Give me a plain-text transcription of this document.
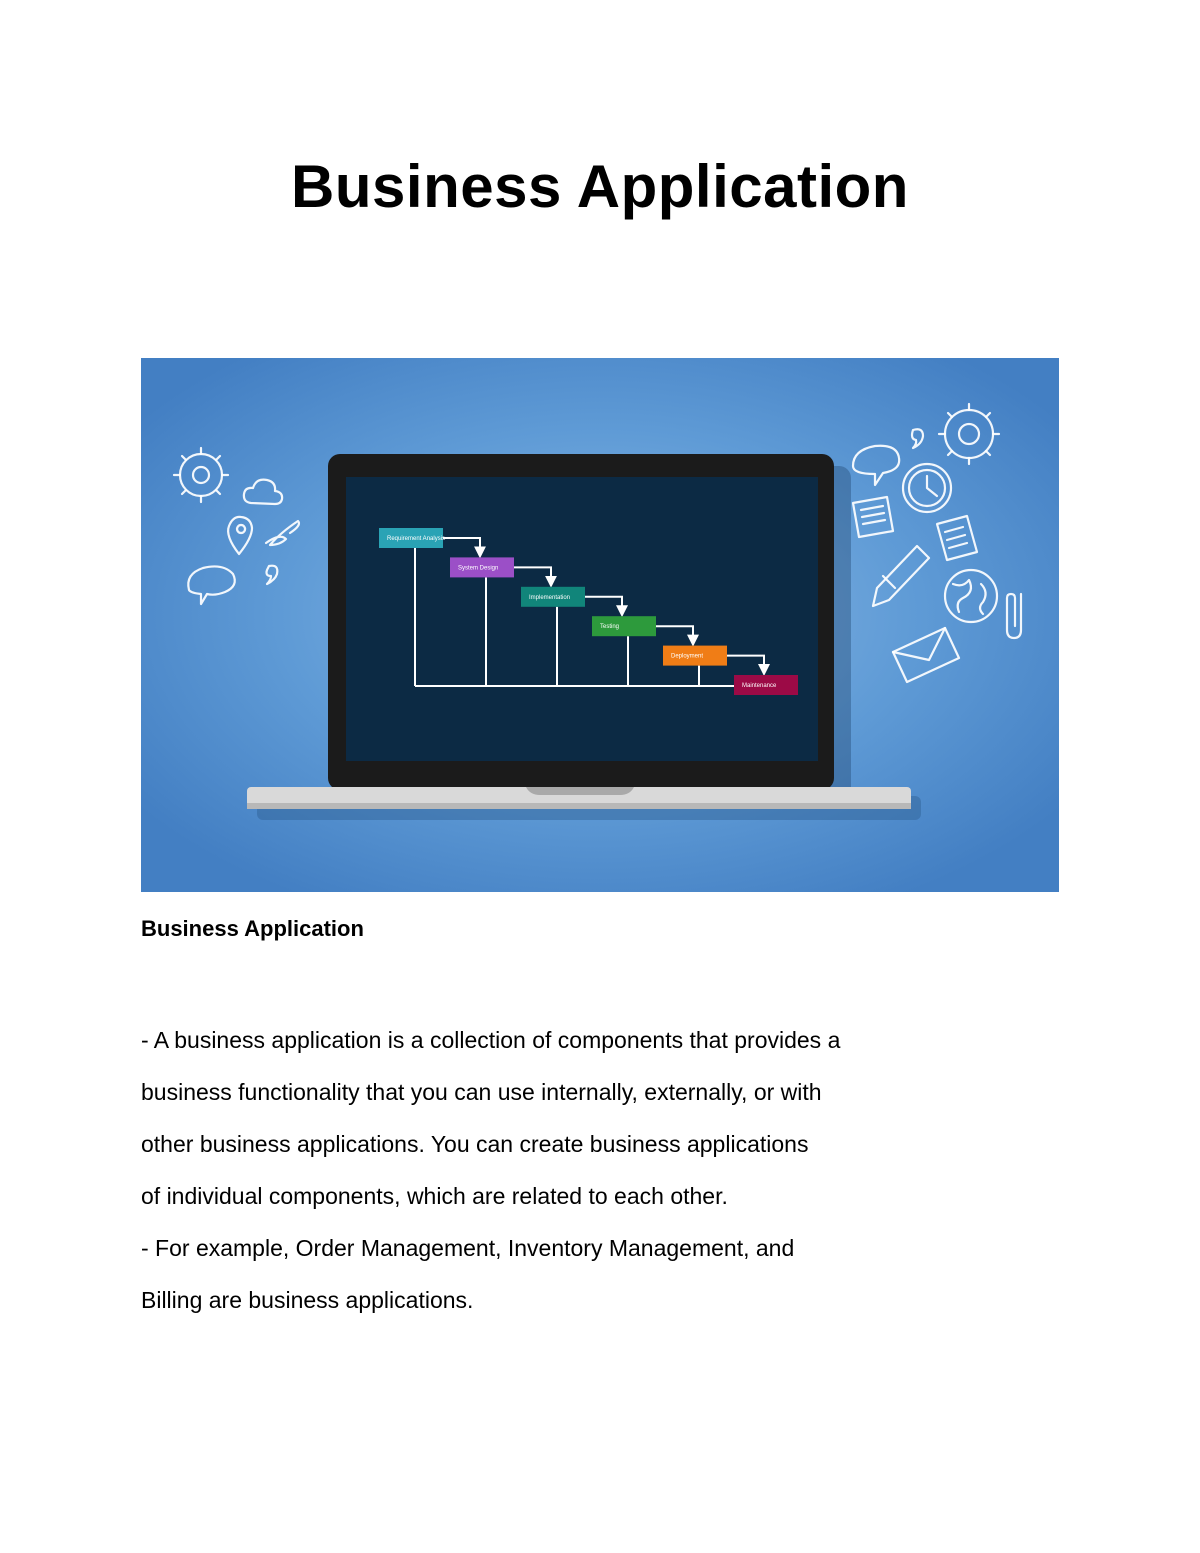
Business Application
Requirement Analysis
System Design
Implementation
Testing
Deployment
Maintenance

Business Application

- A business application is a collection of components that provides a

business functionality that you can use internally, externally, or with

other business applications. You can create business applications

of individual components, which are related to each other.

- For example, Order Management, Inventory Management, and

Billing are business applications.
